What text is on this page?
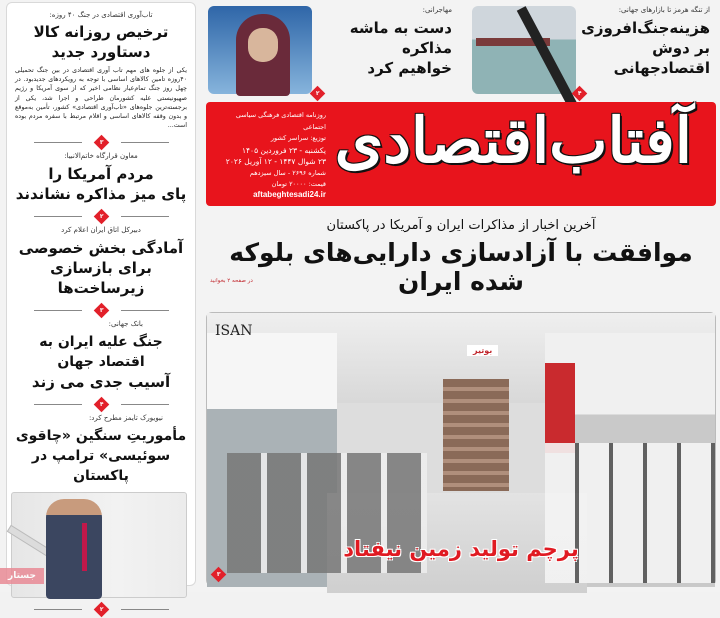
تاب‌آوری اقتصادی در جنگ ۴۰ روزه:
ترخیص روزانه کالا
دستاورد جدید
یکی از جلوه های مهم تاب آوری اقتصادی در بین جنگ تحمیلی ۴۰روزه تامین کالاهای اساسی با توجه به رویکردهای جدیدبود. در چهل روز جنگ تمام‌عیار نظامی اخیر که از سوی آمریکا و رژیم صهیونیستی علیه کشورمان طراحی و اجرا شد، یکی از برجسته‌ترین جلوه‌های «تاب‌آوری اقتصادی» کشور، تأمین به‌موقع و بدون وقفه کالاهای اساسی و اقلام مرتبط با سفره مردم بوده است...
۳
معاون قرارگاه خاتم‌الانبیا:
مردم آمریکا را
پای میز مذاکره نشاندند
۲
دبیرکل اتاق ایران اعلام کرد
آمادگی بخش خصوصی
برای بازسازی زیرساخت‌ها
۳
بانک جهانی:
جنگ علیه ایران به اقتصاد جهان
آسیب جدی می زند
۴
نیویورک تایمز مطرح کرد:
مأموریتِ سنگین «چاقوی
سوئیسی» ترامپ در پاکستان
۲
جستار
از تنگه هرمز تا بازارهای جهانی:
هزینه‌جنگ‌افروزی
بر دوش
اقتصادجهانی
۴
مهاجرانی:
دست به ماشه
مذاکره
خواهیم کرد
۲
آفتاب‌اقتصادی
روزنامه اقتصادی فرهنگی سیاسی اجتماعی
توزیع: سراسر کشور
یکشنبه - ۲۳ فروردین ۱۴۰۵
۲۳ شوال ۱۴۴۷ - ۱۲ آوریل ۲۰۲۶
شماره ۲۶۹۶ - سال سیزدهم
قیمت: ۲۰۰۰۰ تومان
aftabeghtesadi24.ir
آخرین اخبار از مذاکرات ایران و آمریکا در پاکستان
موافقت با آزادسازی دارایی‌های بلوکه شده ایران
در صفحه ۲ بخوانید
ISAN
بوتیر
پرچم تولید زمین نیفتاد
۳
